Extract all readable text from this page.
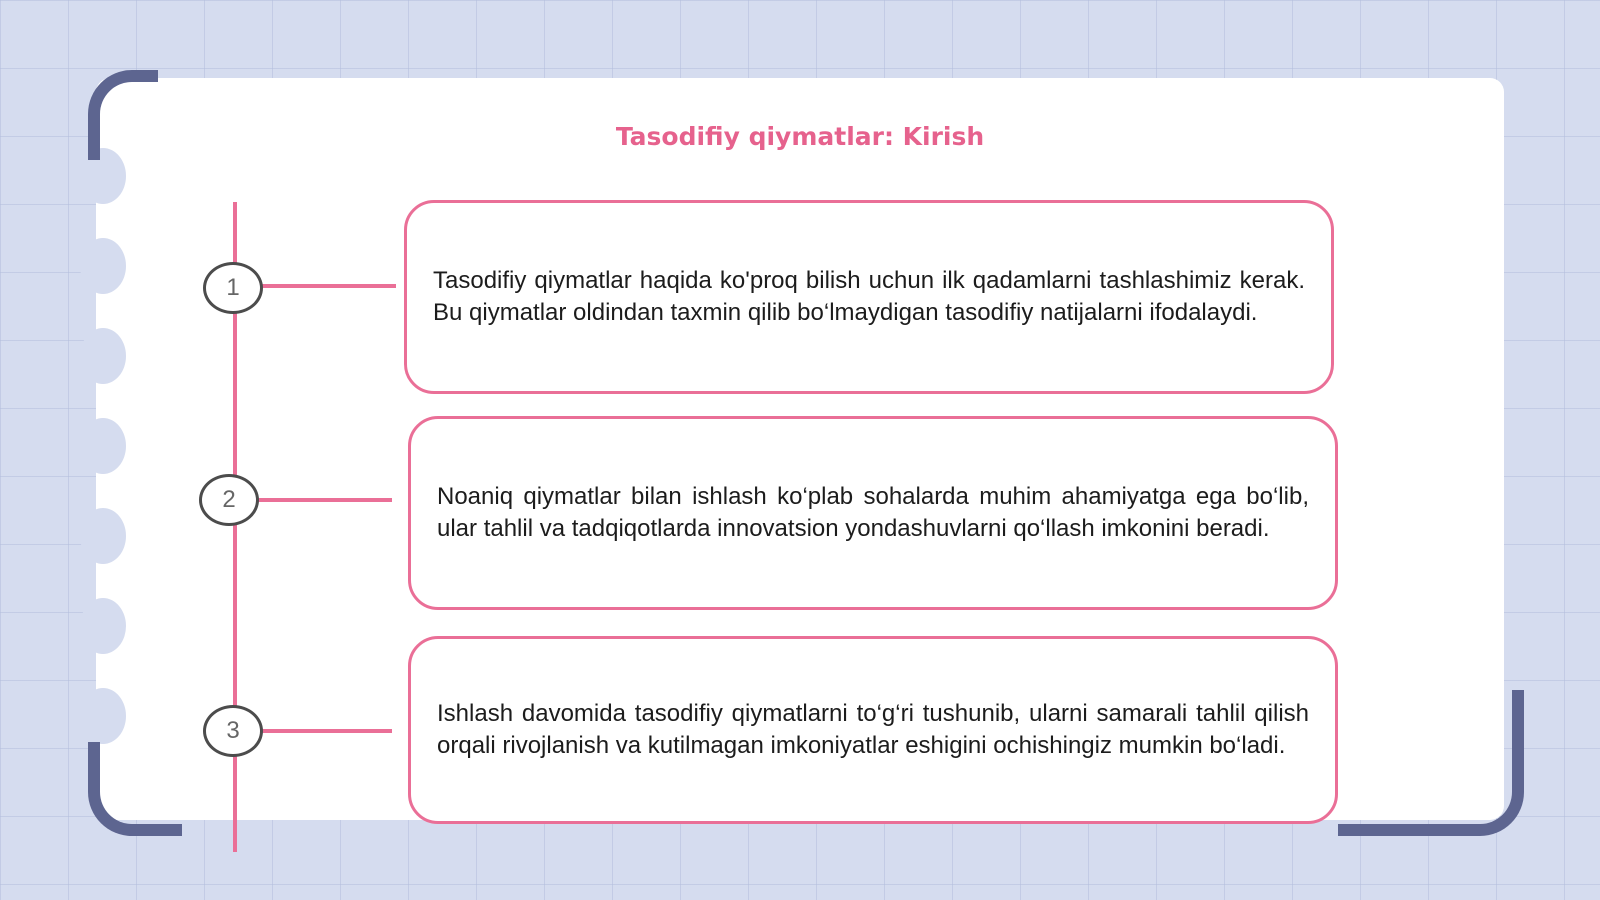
Tasodifiy qiymatlar: Kirish
1	Tasodifiy qiymatlar haqida ko'proq bilish uchun ilk qadamlarni tashlashimiz kerak. Bu qiymatlar oldindan taxmin qilib bo‘lmaydigan tasodifiy natijalarni ifodalaydi.

2	Noaniq qiymatlar bilan ishlash ko‘plab sohalarda muhim ahamiyatga ega bo‘lib, ular tahlil va tadqiqotlarda innovatsion yondashuvlarni qo‘llash imkonini beradi.

3

Ishlash davomida tasodifiy qiymatlarni to‘g‘ri tushunib, ularni samarali tahlil qilish orqali rivojlanish va kutilmagan imkoniyatlar eshigini ochishingiz mumkin bo‘ladi.
